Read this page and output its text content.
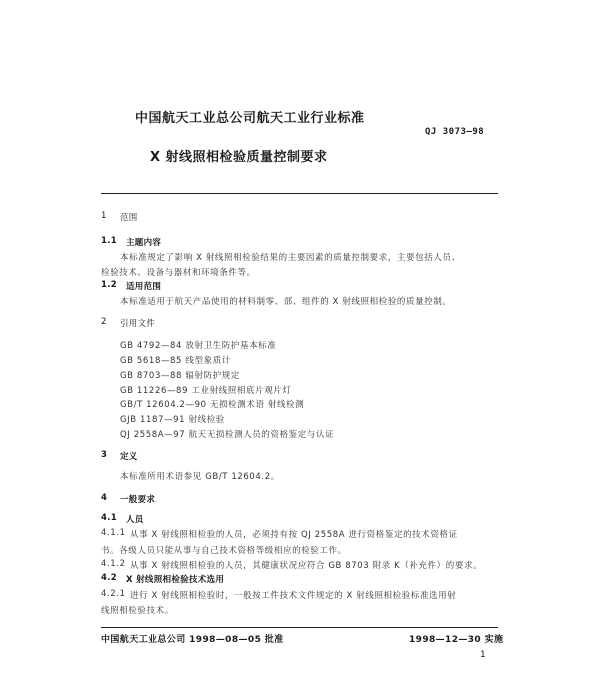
中国航天工业总公司航天工业行业标准
QJ 3073—98
X 射线照相检验质量控制要求
1 范围
1.1 主题内容
本标准规定了影响 X 射线照相检验结果的主要因素的质量控制要求，主要包括人员、
检验技术、设备与器材和环境条件等。
1.2 适用范围
本标准适用于航天产品使用的材料制零、部、组件的 X 射线照相检验的质量控制。
2 引用文件
GB 4792—84 放射卫生防护基本标准
GB 5618—85 线型象质计
GB 8703—88 辐射防护规定
GB 11226—89 工业射线照相底片观片灯
GB/T 12604.2—90 无损检测术语 射线检测
GJB 1187—91 射线检验
QJ 2558A—97 航天无损检测人员的资格鉴定与认证
3 定义
本标准所用术语参见 GB/T 12604.2。
4 一般要求
4.1 人员
4.1.1 从事 X 射线照相检验的人员，必须持有按 QJ 2558A 进行资格鉴定的技术资格证
书。各级人员只能从事与自己技术资格等级相应的检验工作。
4.1.2 从事 X 射线照相检验的人员，其健康状况应符合 GB 8703 附录 K（补充件）的要求。
4.2 X 射线照相检验技术选用
4.2.1 进行 X 射线照相检验时，一般按工件技术文件规定的 X 射线照相检验标准选用射
线照相检验技术。
中国航天工业总公司 1998—08—05 批准	1998—12—30 实施
1
